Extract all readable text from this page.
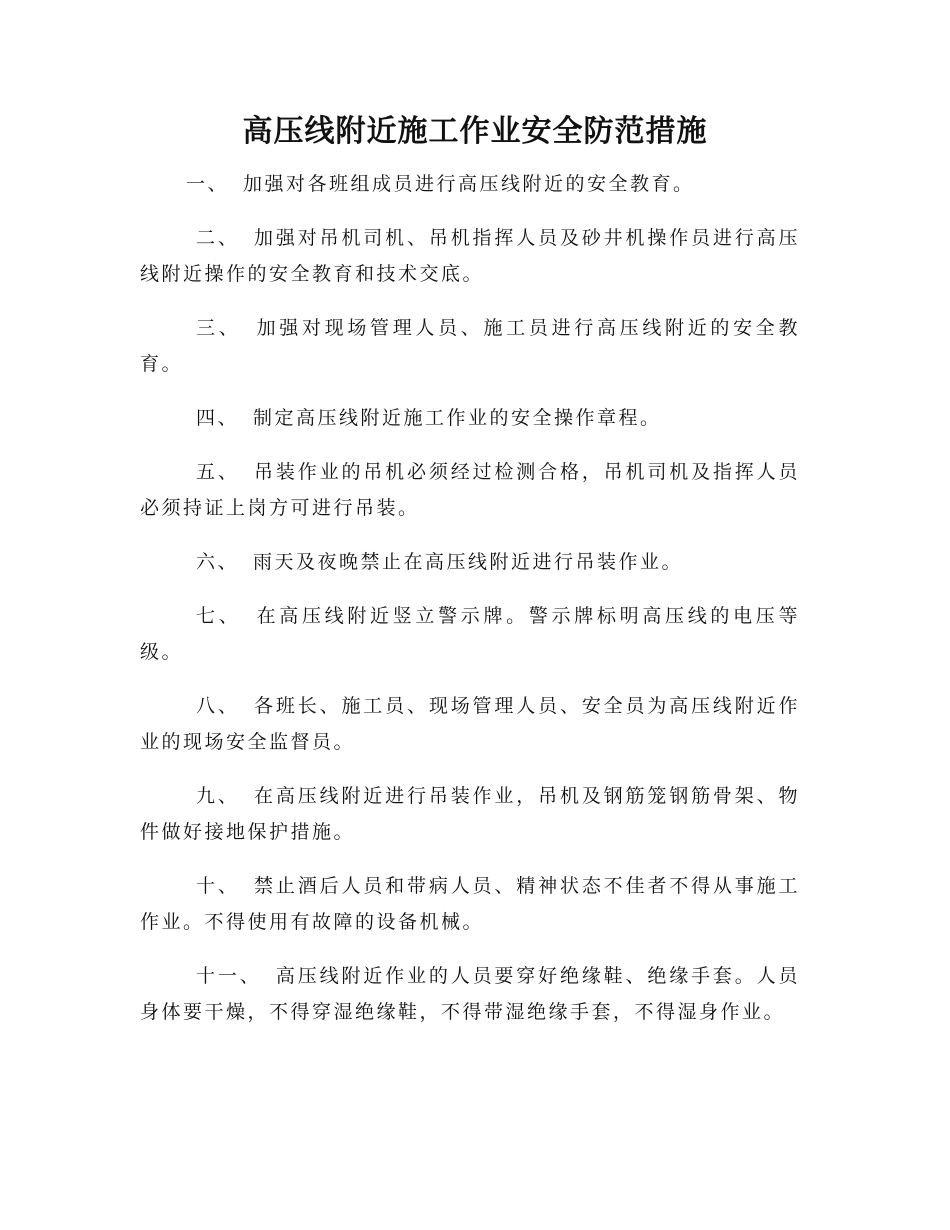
高压线附近施工作业安全防范措施

一、 加强对各班组成员进行高压线附近的安全教育。

二、 加强对吊机司机、吊机指挥人员及砂井机操作员进行高压线附近操作的安全教育和技术交底。

三、 加强对现场管理人员、施工员进行高压线附近的安全教育。

四、 制定高压线附近施工作业的安全操作章程。

五、 吊装作业的吊机必须经过检测合格，吊机司机及指挥人员必须持证上岗方可进行吊装。

六、 雨天及夜晚禁止在高压线附近进行吊装作业。

七、 在高压线附近竖立警示牌。警示牌标明高压线的电压等级。

八、 各班长、施工员、现场管理人员、安全员为高压线附近作业的现场安全监督员。

九、 在高压线附近进行吊装作业，吊机及钢筋笼钢筋骨架、物件做好接地保护措施。

十、 禁止酒后人员和带病人员、精神状态不佳者不得从事施工作业。不得使用有故障的设备机械。

十一、 高压线附近作业的人员要穿好绝缘鞋、绝缘手套。人员身体要干燥，不得穿湿绝缘鞋，不得带湿绝缘手套，不得湿身作业。
